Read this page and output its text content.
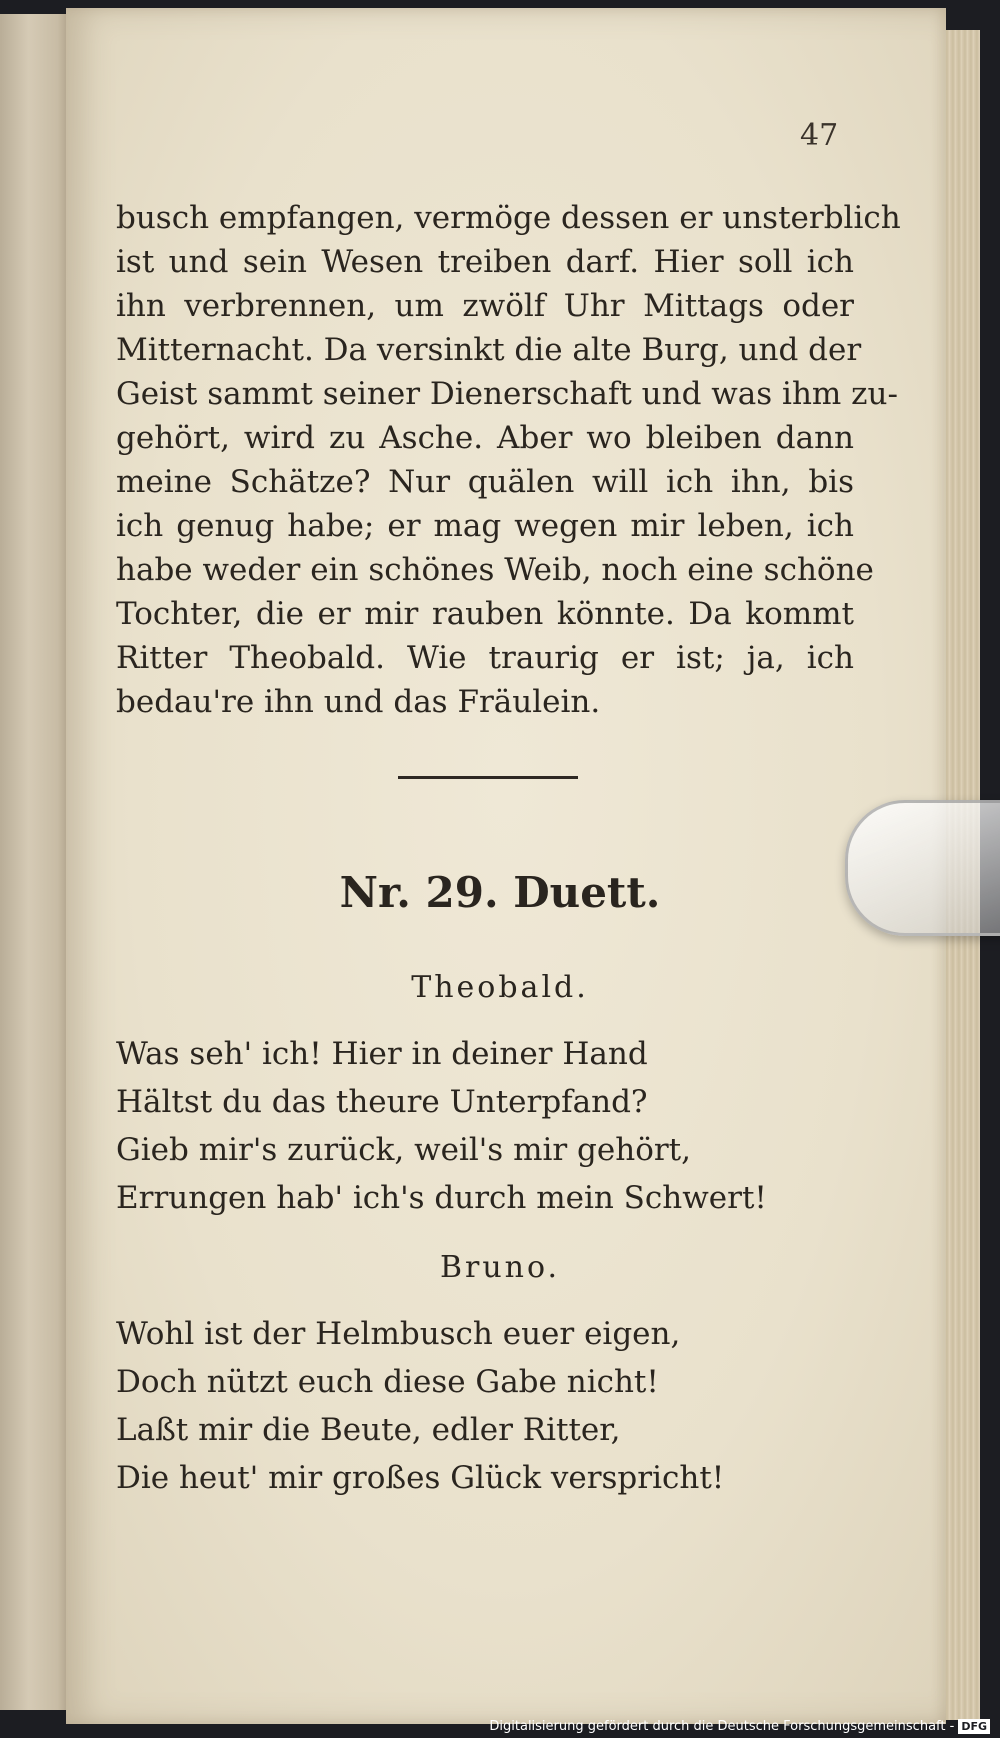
47
busch empfangen, vermöge dessen er unsterblich
ist und sein Wesen treiben darf. Hier soll ich
ihn verbrennen, um zwölf Uhr Mittags oder
Mitternacht. Da versinkt die alte Burg, und der
Geist sammt seiner Dienerschaft und was ihm zu-
gehört, wird zu Asche. Aber wo bleiben dann
meine Schätze? Nur quälen will ich ihn, bis
ich genug habe; er mag wegen mir leben, ich
habe weder ein schönes Weib, noch eine schöne
Tochter, die er mir rauben könnte. Da kommt
Ritter Theobald. Wie traurig er ist; ja, ich
bedau're ihn und das Fräulein.
Nr. 29. Duett.
Theobald.
Was seh' ich! Hier in deiner Hand
Hältst du das theure Unterpfand?
Gieb mir's zurück, weil's mir gehört,
Errungen hab' ich's durch mein Schwert!
Bruno.
Wohl ist der Helmbusch euer eigen,
Doch nützt euch diese Gabe nicht!
Laßt mir die Beute, edler Ritter,
Die heut' mir großes Glück verspricht!
Digitalisierung gefördert durch die Deutsche Forschungsgemeinschaft - DFG
